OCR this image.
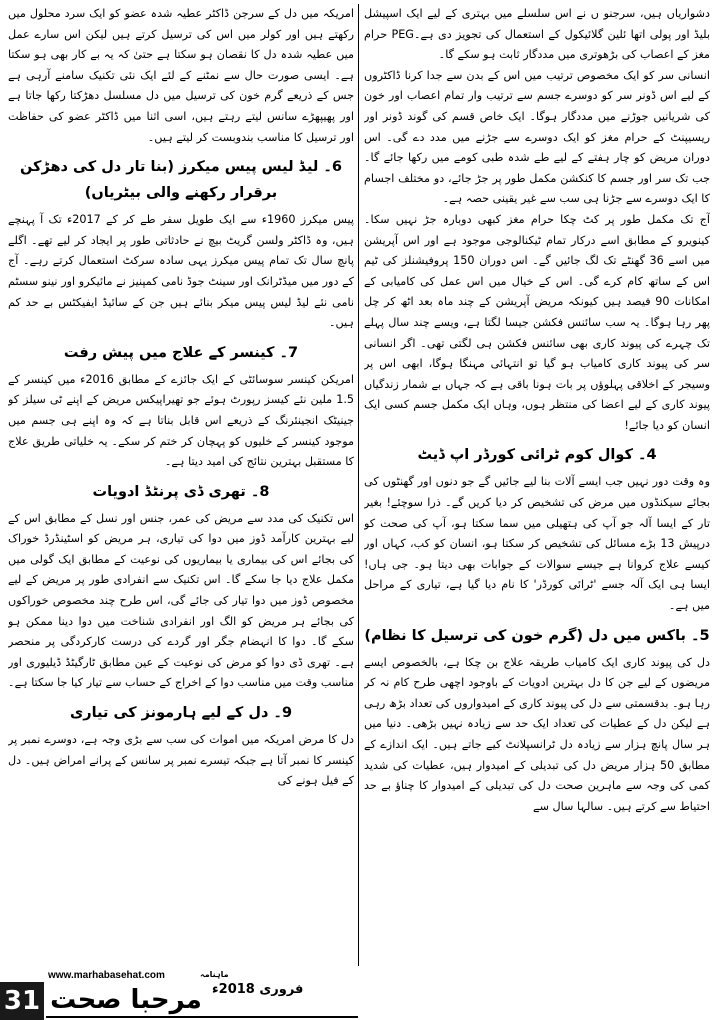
دشواریاں ہیں، سرجنو ں نے اس سلسلے میں بہتری کے لیے ایک اسپیشل بلیڈ اور پولی اتھا ئلین گلائیکول کے استعمال کی تجویز دی ہے۔PEG حرام مغز کے اعصاب کی بڑھوتری میں مددگار ثابت ہو سکے گا۔

انسانی سر کو ایک مخصوص ترتیب میں اس کے بدن سے جدا کرنا ڈاکٹروں کے لیے اس ڈونر سر کو دوسرے جسم سے ترتیب وار تمام اعصاب اور خون کی شریانیں جوڑنے میں مددگار ہوگا۔ ایک خاص قسم کی گوند ڈونر اور ریسیپنٹ کے حرام مغز کو ایک دوسرے سے جڑنے میں مدد دے گی۔ اس دوران مریض کو چار ہفتے کے لیے طے شدہ طبی کومے میں رکھا جائے گا۔ جب تک سر اور جسم کا کنکشن مکمل طور پر جڑ جائے، دو مختلف اجسام کا ایک دوسرے سے جڑنا ہی سب سے غیر یقینی حصہ ہے۔

آج تک مکمل طور پر کٹ چکا حرام مغز کبھی دوبارہ جڑ نہیں سکا۔ کینویرو کے مطابق اسے درکار تمام ٹیکنالوجی موجود ہے اور اس آپریشن میں اسے 36 گھنٹے تک لگ جائیں گے۔ اس دوران 150 پروفیشنلز کی ٹیم اس کے ساتھ کام کرے گی۔ اس کے خیال میں اس عمل کی کامیابی کے امکانات 90 فیصد ہیں کیونکہ مریض آپریشن کے چند ماہ بعد اٹھ کر چل پھر رہا ہوگا۔ یہ سب سائنس فکشن جیسا لگتا ہے، ویسے چند سال پہلے تک چہرے کی پیوند کاری بھی سائنس فکشن ہی لگتی تھی۔ اگر انسانی سر کی پیوند کاری کامیاب ہو گیا تو انتہائی مہنگا ہوگا، ابھی اس پر وسیجر کے اخلاقی پہلوؤں پر بات ہونا باقی ہے کہ جہاں بے شمار زندگیاں پیوند کاری کے لیے اعضا کی منتظر ہوں، وہاں ایک مکمل جسم کسی ایک انسان کو دیا جائے!

4۔ کوال کوم ٹرائی کورڈر اپ ڈیٹ

وہ وقت دور نہیں جب ایسے آلات بنا لیے جائیں گے جو دنوں اور گھنٹوں کی بجائے سیکنڈوں میں مرض کی تشخیص کر دیا کریں گے۔ ذرا سوچئے! بغیر تار کے ایسا آلہ جو آپ کی ہتھیلی میں سما سکتا ہو، آپ کی صحت کو درپیش 13 بڑے مسائل کی تشخیص کر سکتا ہو، انسان کو کب، کہاں اور کیسے علاج کروانا ہے جیسے سوالات کے جوابات بھی دیتا ہو۔ جی ہاں! ایسا ہی ایک آلہ جسے 'ٹرائی کورڈر' کا نام دیا گیا ہے، تیاری کے مراحل میں ہے۔

5۔ باکس میں دل (گرم خون کی ترسیل کا نظام)

دل کی پیوند کاری ایک کامیاب طریقہ علاج بن چکا ہے، بالخصوص ایسے مریضوں کے لیے جن کا دل بہترین ادویات کے باوجود اچھی طرح کام نہ کر رہا ہو۔ بدقسمتی سے دل کی پیوند کاری کے امیدواروں کی تعداد بڑھ رہی ہے لیکن دل کے عطیات کی تعداد ایک حد سے زیادہ نہیں بڑھی۔ دنیا میں ہر سال پانچ ہزار سے زیادہ دل ٹرانسپلانٹ کیے جاتے ہیں۔ ایک اندازے کے مطابق 50 ہزار مریض دل کی تبدیلی کے امیدوار ہیں، عطیات کی شدید کمی کی وجہ سے ماہرین صحت دل کی تبدیلی کے امیدوار کا چناؤ بے حد احتیاط سے کرتے ہیں۔ سالہا سال سے

امریکہ میں دل کے سرجن ڈاکٹر عطیہ شدہ عضو کو ایک سرد محلول میں رکھتے ہیں اور کولر میں اس کی ترسیل کرتے ہیں لیکن اس سارے عمل میں عطیہ شدہ دل کا نقصان ہو سکتا ہے حتیٰ کہ یہ بے کار بھی ہو سکتا ہے۔ ایسی صورت حال سے نمٹنے کے لئے ایک نئی تکنیک سامنے آرہی ہے جس کے ذریعے گرم خون کی ترسیل میں دل مسلسل دھڑکتا رکھا جاتا ہے اور پھیپھڑے سانس لیتے رہتے ہیں، اسی اثنا میں ڈاکٹر عضو کی حفاظت اور ترسیل کا مناسب بندوبست کر لیتے ہیں۔

6۔ لیڈ لیس پیس میکرز (بنا تار دل کی دھڑکن برقرار رکھنے والی بیٹریاں)

پیس میکرز 1960ء سے ایک طویل سفر طے کر کے 2017ء تک آ پہنچے ہیں، وہ ڈاکٹر ولسن گریٹ بیچ نے حادثاتی طور پر ایجاد کر لیے تھے۔ اگلے پانچ سال تک تمام پیس میکرز یہی سادہ سرکٹ استعمال کرتے رہے۔ آج کے دور میں میڈٹرانک اور سینٹ جوڈ نامی کمپنیز نے مائیکرو اور نینو سسٹم نامی نئے لیڈ لیس پیس میکر بنائے ہیں جن کے سائیڈ ایفیکٹس بے حد کم ہیں۔

7۔ کینسر کے علاج میں پیش رفت

امریکن کینسر سوسائٹی کے ایک جائزے کے مطابق 2016ء میں کینسر کے 1.5 ملین نئے کیسز رپورٹ ہوئے جو تھیراپیکس مریض کے اپنے ٹی سیلز کو جینیٹک انجینئرنگ کے ذریعے اس قابل بناتا ہے کہ وہ اپنے ہی جسم میں موجود کینسر کے خلیوں کو پہچان کر ختم کر سکے۔ یہ خلیاتی طریق علاج کا مستقبل بہترین نتائج کی امید دیتا ہے۔

8۔ تھری ڈی پرنٹڈ ادویات

اس تکنیک کی مدد سے مریض کی عمر، جنس اور نسل کے مطابق اس کے لیے بہترین کارآمد ڈوز میں دوا کی تیاری، ہر مریض کو اسٹینڈرڈ خوراک کی بجائے اس کی بیماری یا بیماریوں کی نوعیت کے مطابق ایک گولی میں مکمل علاج دیا جا سکے گا۔ اس تکنیک سے انفرادی طور پر مریض کے لیے مخصوص ڈوز میں دوا تیار کی جائے گی، اس طرح چند مخصوص خوراکوں کی بجائے ہر مریض کو الگ اور انفرادی شناخت میں دوا دینا ممکن ہو سکے گا۔ دوا کا انہضام جگر اور گردے کی درست کارکردگی پر منحصر ہے۔ تھری ڈی دوا کو مرض کی نوعیت کے عین مطابق ٹارگیٹڈ ڈیلیوری اور مناسب وقت میں مناسب دوا کے اخراج کے حساب سے تیار کیا جا سکتا ہے۔

9۔ دل کے لیے ہارمونز کی تیاری

دل کا مرض امریکہ میں اموات کی سب سے بڑی وجہ ہے، دوسرے نمبر پر کینسر کا نمبر آتا ہے جبکہ تیسرے نمبر پر سانس کے پرانے امراض ہیں۔ دل کے فیل ہونے کی

31
www.marhabasehat.com
مرحبا صحت
ماہنامہ
فروری 2018ء
